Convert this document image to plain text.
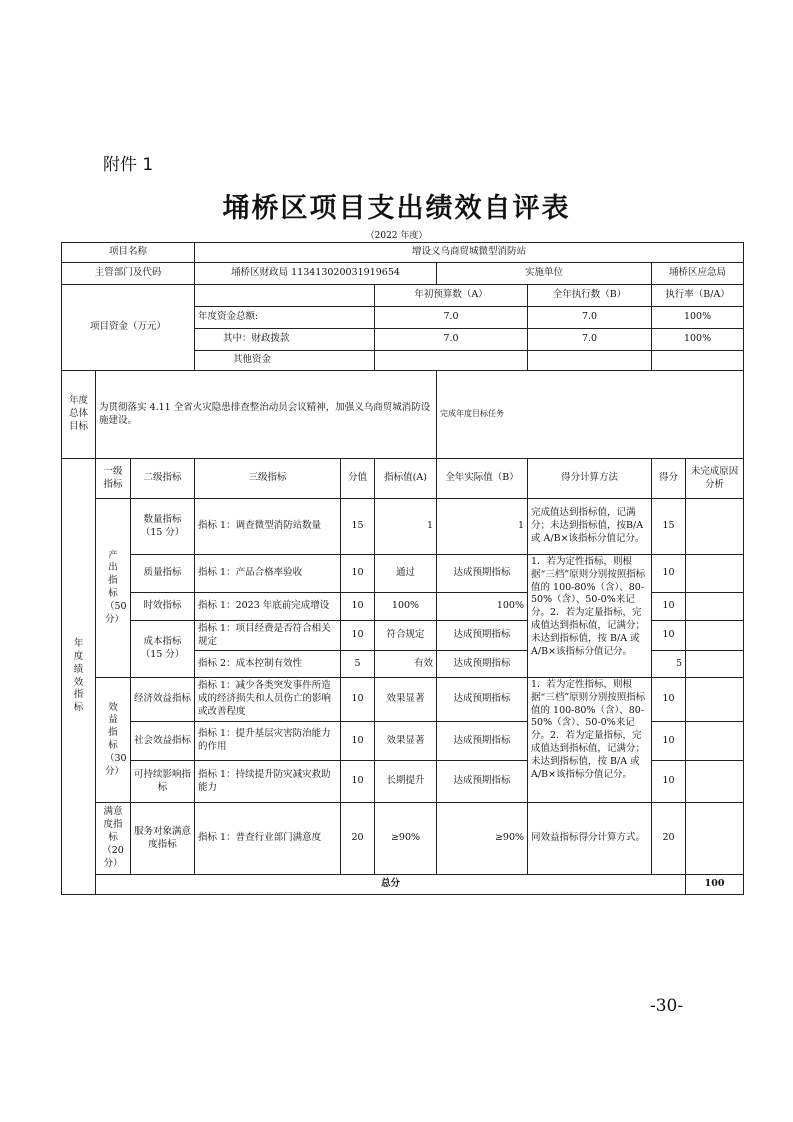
附件 1
埇桥区项目支出绩效自评表
（2022 年度）
项目名称			增设义乌商贸城微型消防站							
主管部门及代码			埇桥区财政局 113413020031919654			实施单位		埇桥区应急局		
项目资金（万元）					年初预算数（A）		全年执行数（B）	执行率（B/A）		
			年度资金总额:		7.0		7.0	100%		
			其中：财政拨款		7.0		7.0	100%		
			其他资金							
年度总体目标	为贯彻落实 4.11 全省火灾隐患排查整治动员会议精神，加强义乌商贸城消防设施建设。					完成年度目标任务				
年度绩效指标	一级指标	二级指标	三级指标	分值	指标值(A)	全年实际值（B）	得分计算方法	得分	未完成原因分析	
	产出指标（50分）	数量指标（15 分）	指标 1：调查微型消防站数量	15	1	1	完成值达到指标值，记满分；未达到指标值，按B/A 或 A/B×该指标分值记分。	15		
		质量指标	指标 1：产品合格率验收	10	通过	达成预期指标	1．若为定性指标，则根据“三档”原则分别按照指标值的 100-80%（含）、80-50%（含）、50-0%来记分。2．若为定量指标，完成值达到指标值，记满分；未达到指标值，按 B/A 或A/B×该指标分值记分。	10		
		时效指标	指标 1：2023 年底前完成增设	10	100%	100%		10		
		成本指标（15 分）	指标 1：项目经费是否符合相关规定	10	符合规定	达成预期指标		10		
			指标 2：成本控制有效性	5	有效	达成预期指标		5		
	效益指标（30分）	经济效益指标	指标 1：减少各类突发事件所造成的经济损失和人员伤亡的影响或改善程度	10	效果显著	达成预期指标	1．若为定性指标，则根据“三档”原则分别按照指标值的 100-80%（含）、80-50%（含）、50-0%来记分。2．若为定量指标，完成值达到指标值，记满分；未达到指标值，按 B/A 或A/B×该指标分值记分。	10		
		社会效益指标	指标 1：提升基层灾害防治能力的作用	10	效果显著	达成预期指标		10		
		可持续影响指标	指标 1：持续提升防灾减灾救助能力	10	长期提升	达成预期指标		10		
	满意度指标（20分）	服务对象满意度指标	指标 1：普查行业部门满意度	20	≥90%	≥90%	同效益指标得分计算方式。	20		
	总分								100	
-30-
